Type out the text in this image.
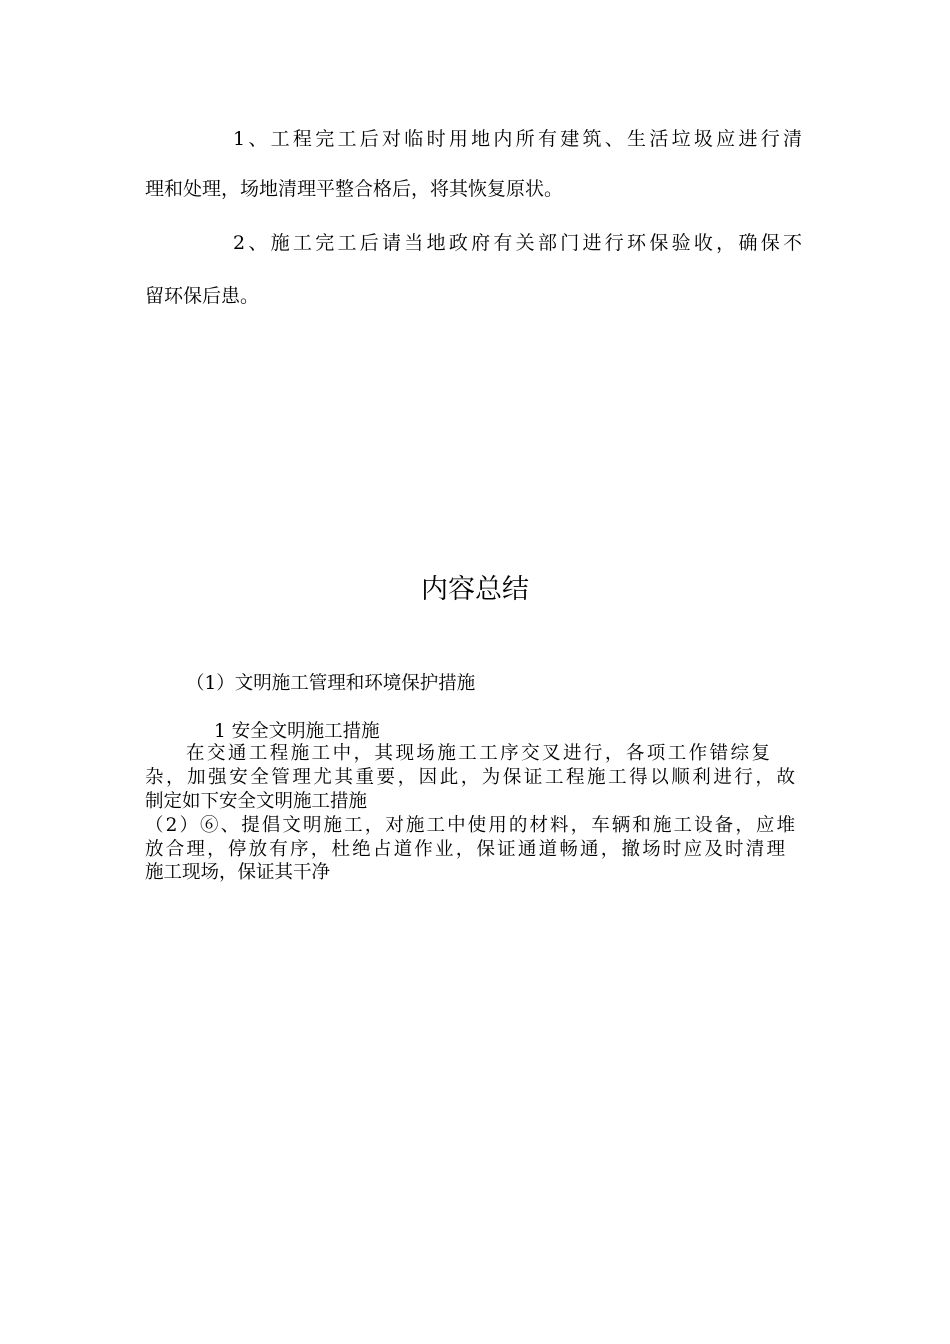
1、工程完工后对临时用地内所有建筑、生活垃圾应进行清
理和处理，场地清理平整合格后，将其恢复原状。
2、施工完工后请当地政府有关部门进行环保验收，确保不
留环保后患。
内容总结
（1）文明施工管理和环境保护措施
1 安全文明施工措施
在交通工程施工中，其现场施工工序交叉进行，各项工作错综复
杂，加强安全管理尤其重要，因此，为保证工程施工得以顺利进行，故
制定如下安全文明施工措施
（2）⑥、提倡文明施工，对施工中使用的材料，车辆和施工设备，应堆
放合理，停放有序，杜绝占道作业，保证通道畅通，撤场时应及时清理
施工现场，保证其干净
